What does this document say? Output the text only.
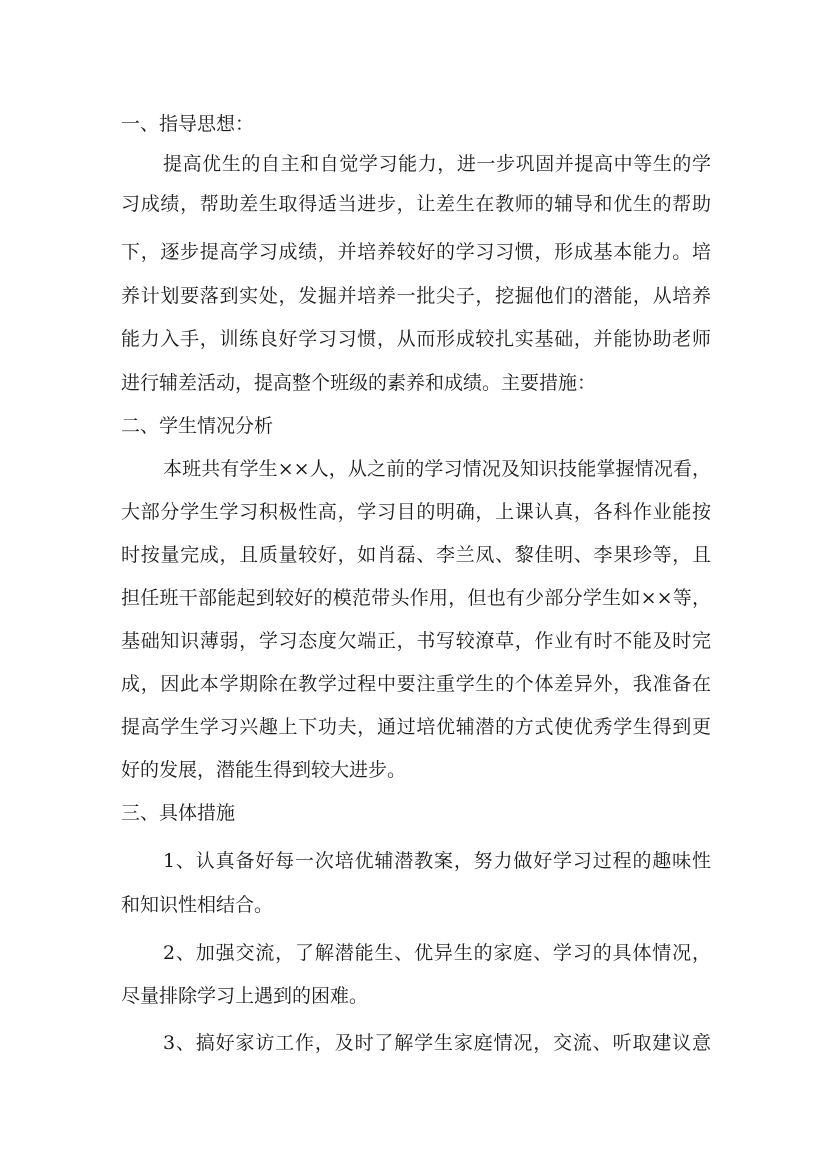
一、指导思想：
提高优生的自主和自觉学习能力，进一步巩固并提高中等生的学
习成绩，帮助差生取得适当进步，让差生在教师的辅导和优生的帮助
下，逐步提高学习成绩，并培养较好的学习习惯，形成基本能力。培
养计划要落到实处，发掘并培养一批尖子，挖掘他们的潜能，从培养
能力入手，训练良好学习习惯，从而形成较扎实基础，并能协助老师
进行辅差活动，提高整个班级的素养和成绩。主要措施：
二、学生情况分析
本班共有学生××人，从之前的学习情况及知识技能掌握情况看，
大部分学生学习积极性高，学习目的明确，上课认真，各科作业能按
时按量完成，且质量较好，如肖磊、李兰凤、黎佳明、李果珍等，且
担任班干部能起到较好的模范带头作用，但也有少部分学生如××等，
基础知识薄弱，学习态度欠端正，书写较潦草，作业有时不能及时完
成，因此本学期除在教学过程中要注重学生的个体差异外，我准备在
提高学生学习兴趣上下功夫，通过培优辅潜的方式使优秀学生得到更
好的发展，潜能生得到较大进步。
三、具体措施
1、认真备好每一次培优辅潜教案，努力做好学习过程的趣味性
和知识性相结合。
2、加强交流，了解潜能生、优异生的家庭、学习的具体情况，
尽量排除学习上遇到的困难。
3、搞好家访工作，及时了解学生家庭情况，交流、听取建议意
